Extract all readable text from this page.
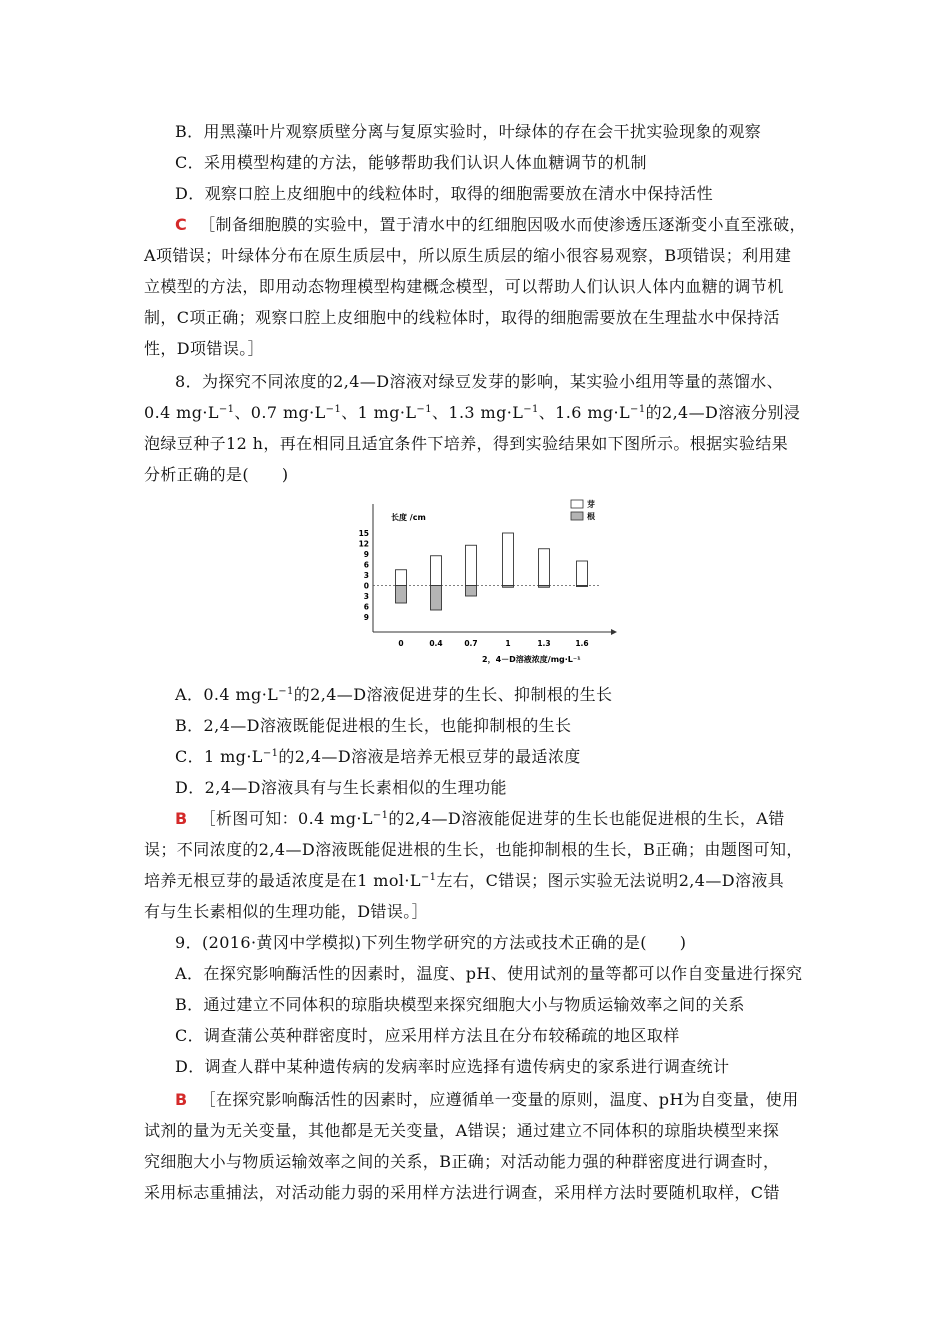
B．用黑藻叶片观察质壁分离与复原实验时，叶绿体的存在会干扰实验现象的观察
C．采用模型构建的方法，能够帮助我们认识人体血糖调节的机制
D．观察口腔上皮细胞中的线粒体时，取得的细胞需要放在清水中保持活性
C ［制备细胞膜的实验中，置于清水中的红细胞因吸水而使渗透压逐渐变小直至涨破，
A项错误；叶绿体分布在原生质层中，所以原生质层的缩小很容易观察，B项错误；利用建
立模型的方法，即用动态物理模型构建概念模型，可以帮助人们认识人体内血糖的调节机
制，C项正确；观察口腔上皮细胞中的线粒体时，取得的细胞需要放在生理盐水中保持活
性，D项错误。］
8．为探究不同浓度的2,4—D溶液对绿豆发芽的影响，某实验小组用等量的蒸馏水、
0.4 $mg\cdot L^{-1}$、0.7 $mg\cdot L^{-1}$、1 $mg\cdot L^{-1}$、1.3 $mg\cdot L^{-1}$、1.6 $mg\cdot L^{-1}$的2,4—D溶液分别浸
泡绿豆种子12 h，再在相同且适宜条件下培养，得到实验结果如下图所示。根据实验结果
分析正确的是(　　)
长度 /cm
2，4－D溶液浓度/mg·L⁻¹
芽
根
15
12
9
6
3
0
3
6
9
0	0.4	0.7	1	1.3	1.6
A．0.4 $mg\cdot L^{-1}$的2,4—D溶液促进芽的生长、抑制根的生长
B．2,4—D溶液既能促进根的生长，也能抑制根的生长
C．1 $mg\cdot L^{-1}$的2,4—D溶液是培养无根豆芽的最适浓度
D．2,4—D溶液具有与生长素相似的生理功能
B ［析图可知：0.4 $mg\cdot L^{-1}$的2,4—D溶液能促进芽的生长也能促进根的生长，A错
误；不同浓度的2,4—D溶液既能促进根的生长，也能抑制根的生长，B正确；由题图可知，
培养无根豆芽的最适浓度是在1 $mol\cdot L^{-1}$左右，C错误；图示实验无法说明2,4—D溶液具
有与生长素相似的生理功能，D错误。］
9．(2016·黄冈中学模拟)下列生物学研究的方法或技术正确的是(　　)
A．在探究影响酶活性的因素时，温度、pH、使用试剂的量等都可以作自变量进行探究
B．通过建立不同体积的琼脂块模型来探究细胞大小与物质运输效率之间的关系
C．调查蒲公英种群密度时，应采用样方法且在分布较稀疏的地区取样
D．调查人群中某种遗传病的发病率时应选择有遗传病史的家系进行调查统计
B ［在探究影响酶活性的因素时，应遵循单一变量的原则，温度、pH为自变量，使用
试剂的量为无关变量，其他都是无关变量，A错误；通过建立不同体积的琼脂块模型来探
究细胞大小与物质运输效率之间的关系，B正确；对活动能力强的种群密度进行调查时，
采用标志重捕法，对活动能力弱的采用样方法进行调查，采用样方法时要随机取样，C错
